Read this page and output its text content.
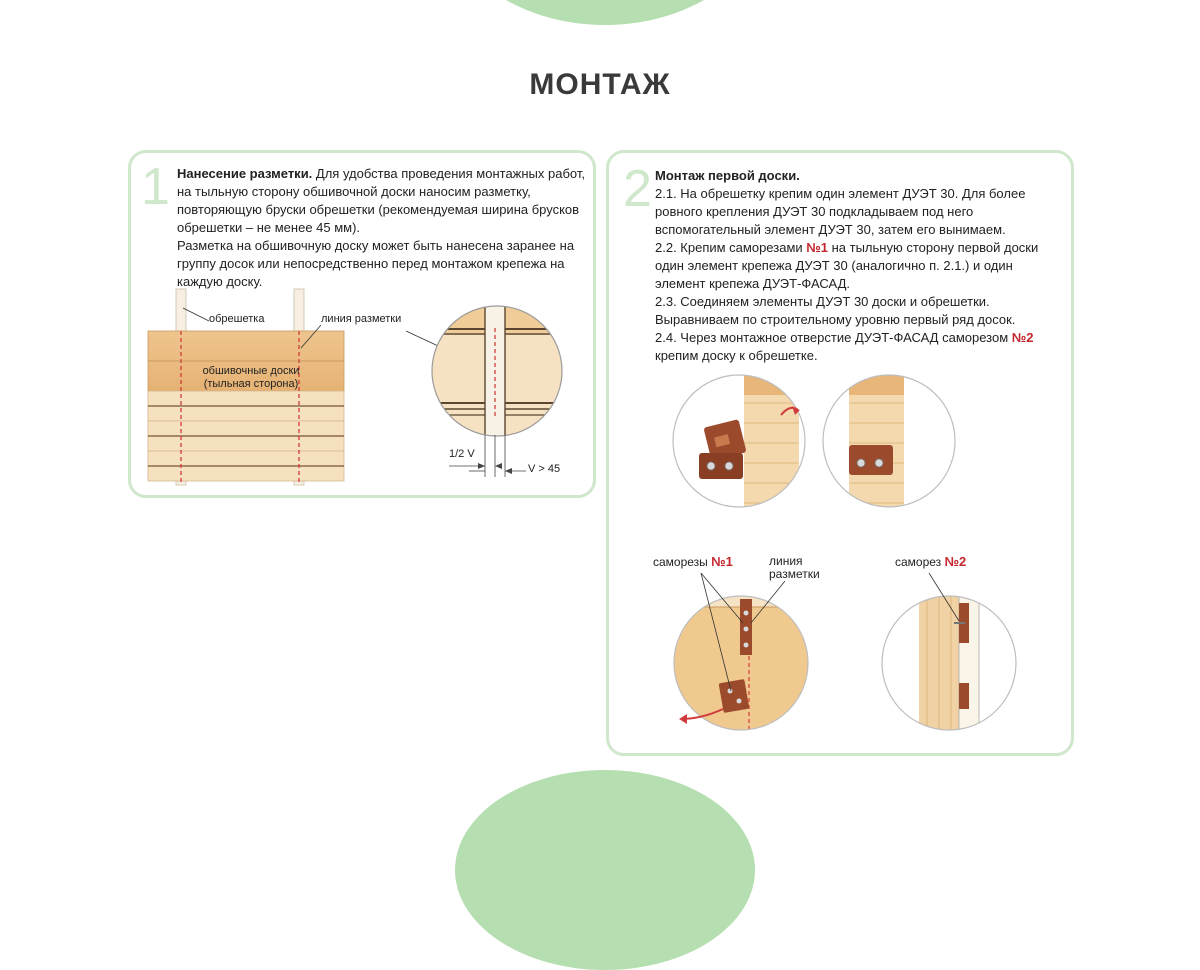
МОНТАЖ
1 Нанесение разметки. Для удобства проведения монтажных работ, на тыльную сторону обшивочной доски наносим разметку, повторяющую бруски обрешетки (рекомендуемая ширина брусков обрешетки – не менее 45 мм).
Разметка на обшивочную доску может быть нанесена заранее на группу досок или непосредственно перед монтажом крепежа на каждую доску.
обрешетка	линия разметки
обшивочные доски
(тыльная сторона)
1/2 V
V > 45
2 Монтаж первой доски.
2.1. На обрешетку крепим один элемент ДУЭТ 30. Для более ровного крепления ДУЭТ 30 подкладываем под него вспомогательный элемент ДУЭТ 30, затем его вынимаем.
2.2. Крепим саморезами №1 на тыльную сторону первой доски один элемент крепежа ДУЭТ 30 (аналогично п. 2.1.) и один элемент крепежа ДУЭТ-ФАСАД.
2.3. Соединяем элементы ДУЭТ 30 доски и обрешетки. Выравниваем по строительному уровню первый ряд досок.
2.4. Через монтажное отверстие ДУЭТ-ФАСАД саморезом №2 крепим доску к обрешетке.
саморезы №1	линия
разметки
саморез №2
